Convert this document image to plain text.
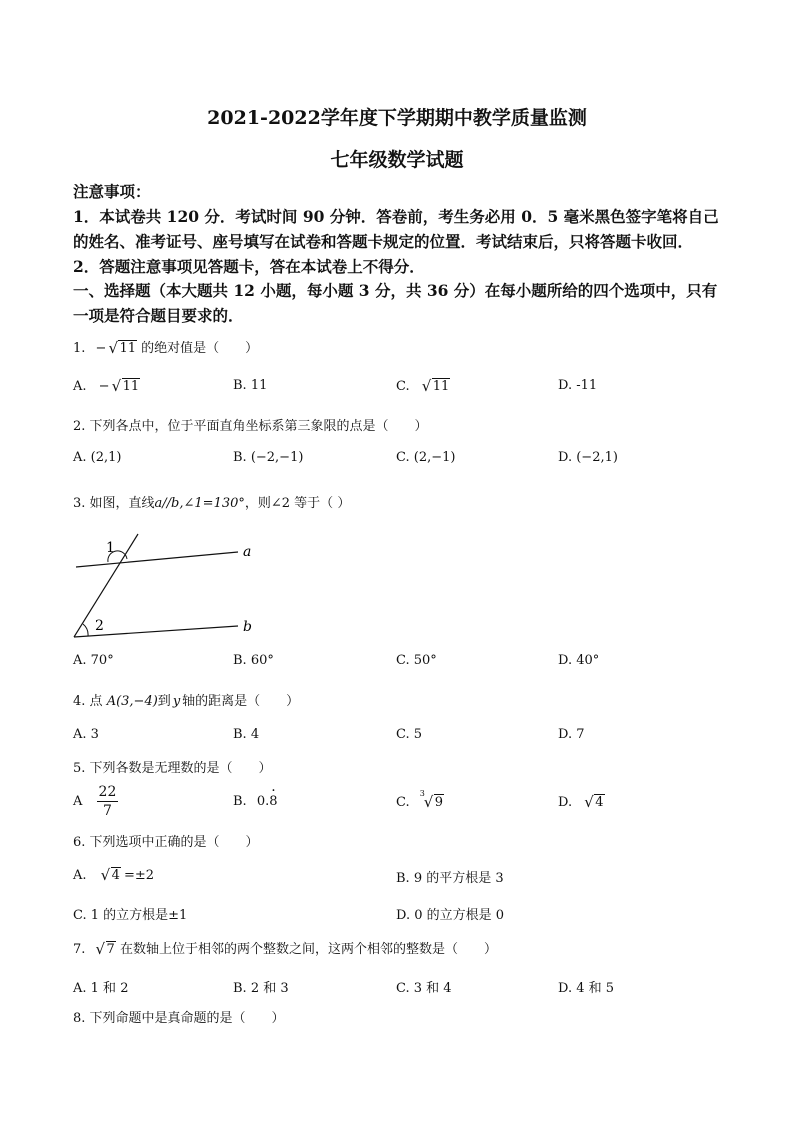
2021-2022学年度下学期期中教学质量监测
七年级数学试题
注意事项：
1．本试卷共 120 分．考试时间 90 分钟．答卷前，考生务必用 0．5 毫米黑色签字笔将自己
的姓名、准考证号、座号填写在试卷和答题卡规定的位置．考试结束后，只将答题卡收回．
2．答题注意事项见答题卡，答在本试卷上不得分．
一、选择题（本大题共 12 小题，每小题 3 分，共 36 分）在每小题所给的四个选项中，只有
一项是符合题目要求的．
1. − √ 11 的绝对值是（　　）
A. − √ 11	B. 11	C. √ 11	D. -11
2. 下列各点中，位于平面直角坐标系第三象限的点是（　　）
A. (2,1)	B. (−2,−1)	C. (2,−1)	D. (−2,1)
3. 如图，直线a//b,∠1=130°，则∠2 等于（ ）
1
2
a
b
A. 70°	B. 60°	C. 50°	D. 40°
4. 点 A(3,−4)到 y 轴的距离是（　　）
A. 3	B. 4	C. 5	D. 7
5. 下列各数是无理数的是（　　）
A $\frac{22}{7}$	B. 0.8 ·	C.
3
√ 9	D. √ 4
6. 下列选项中正确的是（　　）
A. √ 4 =±2	B. 9 的平方根是 3
C. 1 的立方根是±1	D. 0 的立方根是 0
7. √ 7 在数轴上位于相邻的两个整数之间，这两个相邻的整数是（　　）
A. 1 和 2	B. 2 和 3	C. 3 和 4	D. 4 和 5
8. 下列命题中是真命题的是（　　）
